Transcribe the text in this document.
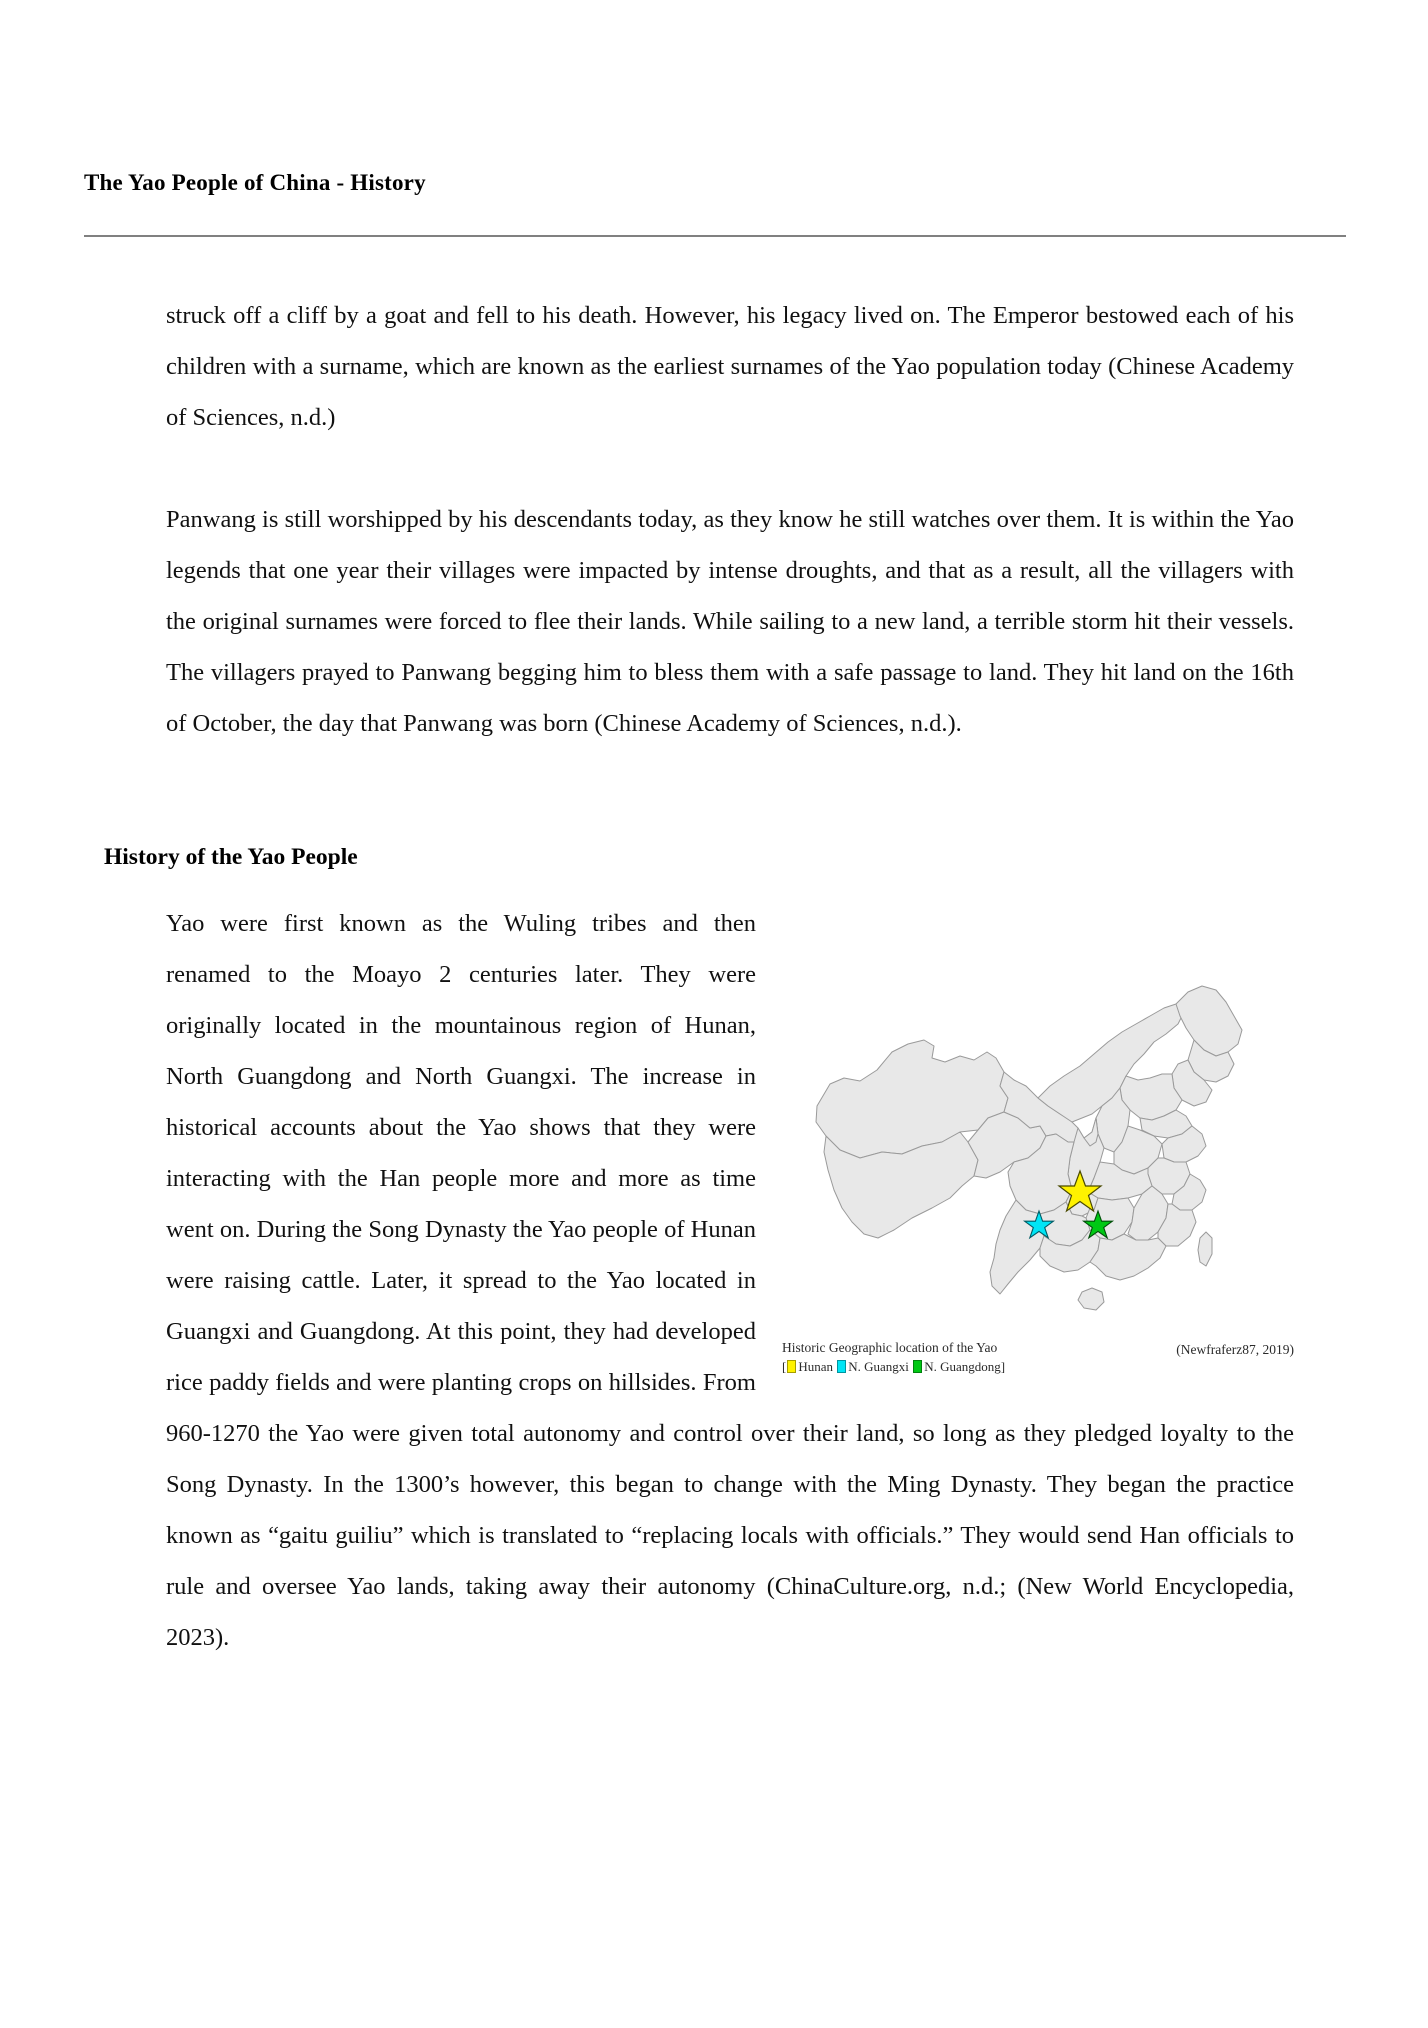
The Yao People of China - History

struck off a cliff by a goat and fell to his death. However, his legacy lived on. The Emperor bestowed each of his children with a surname, which are known as the earliest surnames of the Yao population today (Chinese Academy of Sciences, n.d.)

Panwang is still worshipped by his descendants today, as they know he still watches over them. It is within the Yao legends that one year their villages were impacted by intense droughts, and that as a result, all the villagers with the original surnames were forced to flee their lands. While sailing to a new land, a terrible storm hit their vessels. The villagers prayed to Panwang begging him to bless them with a safe passage to land. They hit land on the 16th of October, the day that Panwang was born (Chinese Academy of Sciences, n.d.).

History of the Yao People
Historic Geographic location of the Yao
[ Hunan N. Guangxi N. Guangdong]
(Newfraferz87, 2019)

Yao were first known as the Wuling tribes and then renamed to the Moayo 2 centuries later. They were originally located in the mountainous region of Hunan, North Guangdong and North Guangxi. The increase in historical accounts about the Yao shows that they were interacting with the Han people more and more as time went on. During the Song Dynasty the Yao people of Hunan were raising cattle. Later, it spread to the Yao located in Guangxi and Guangdong. At this point, they had developed rice paddy fields and were planting crops on hillsides. From 960-1270 the Yao were given total autonomy and control over their land, so long as they pledged loyalty to the Song Dynasty. In the 1300’s however, this began to change with the Ming Dynasty. They began the practice known as “gaitu guiliu” which is translated to “replacing locals with officials.” They would send Han officials to rule and oversee Yao lands, taking away their autonomy (ChinaCulture.org, n.d.; (New World Encyclopedia, 2023).
